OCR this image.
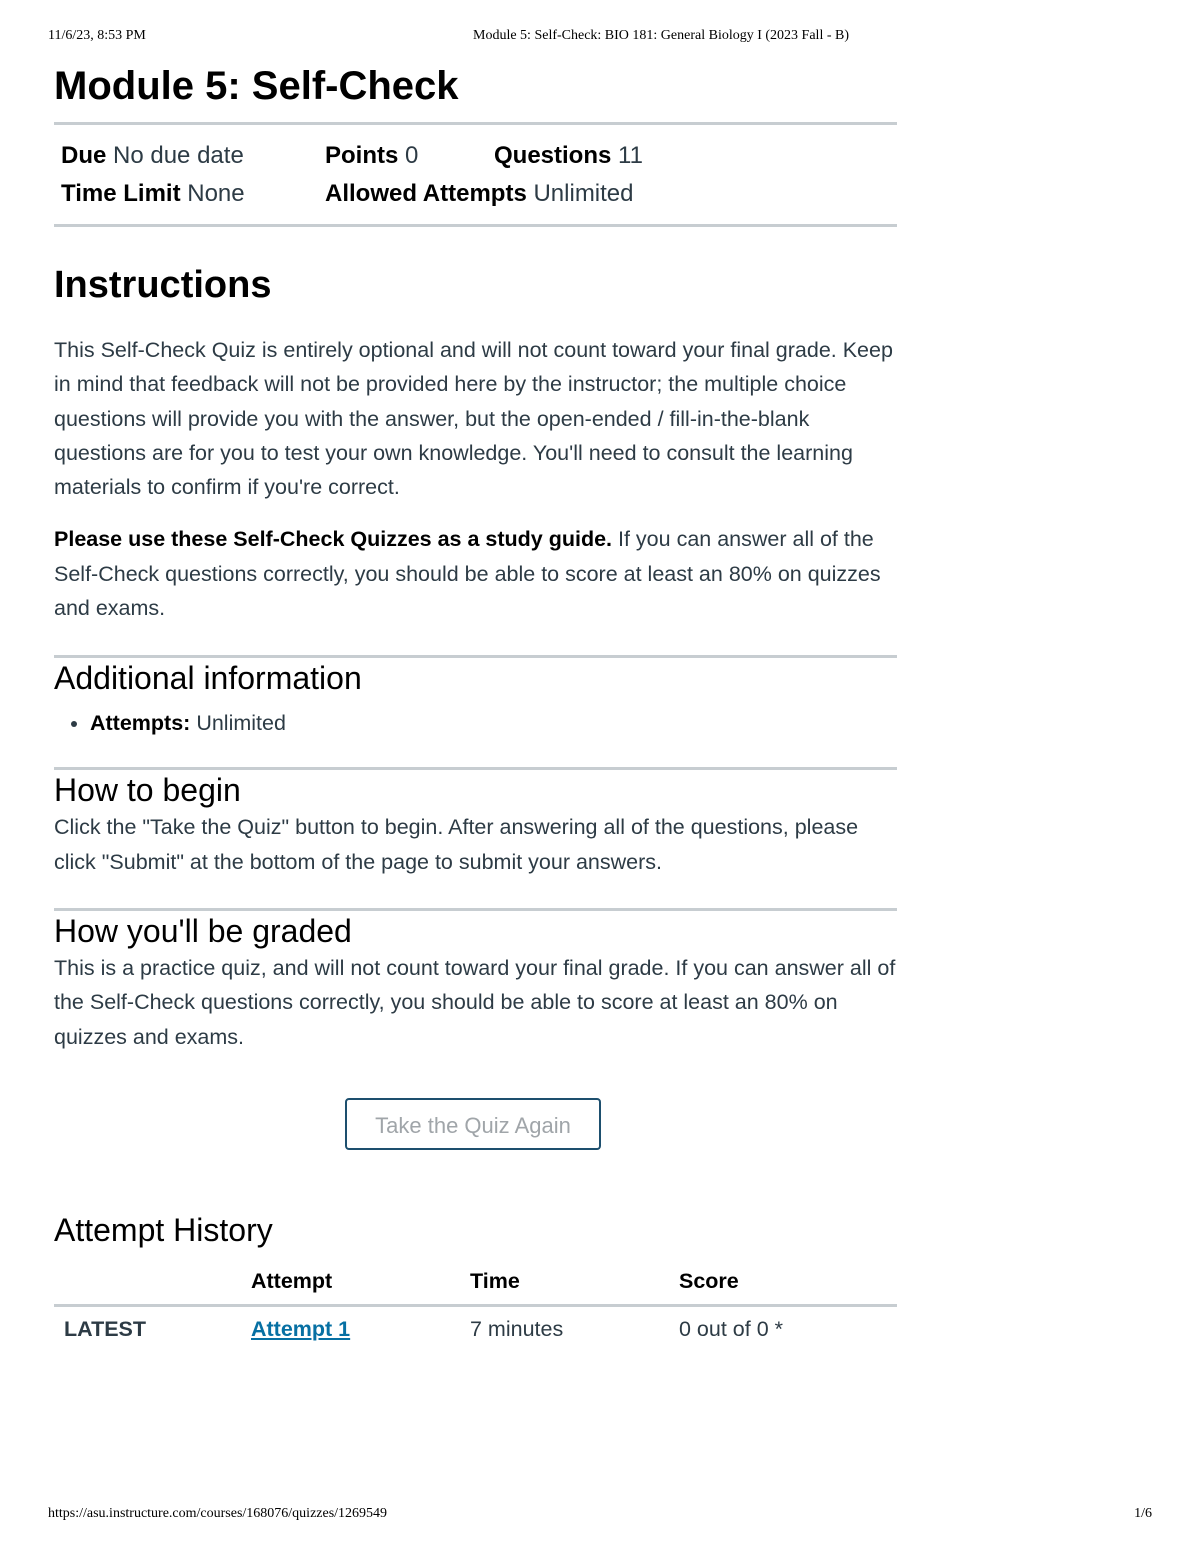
11/6/23, 8:53 PM	Module 5: Self-Check: BIO 181: General Biology I (2023 Fall - B)
Module 5: Self-Check
Due No due date	Points 0	Questions 11
Time Limit None	Allowed Attempts Unlimited
Instructions

This Self-Check Quiz is entirely optional and will not count toward your final grade. Keep in mind that feedback will not be provided here by the instructor; the multiple choice questions will provide you with the answer, but the open-ended / fill-in-the-blank questions are for you to test your own knowledge. You'll need to consult the learning materials to confirm if you're correct.

Please use these Self-Check Quizzes as a study guide. If you can answer all of the Self-Check questions correctly, you should be able to score at least an 80% on quizzes and exams.

Additional information
• Attempts: Unlimited
How to begin

Click the "Take the Quiz" button to begin. After answering all of the questions, please click "Submit" at the bottom of the page to submit your answers.

How you'll be graded

This is a practice quiz, and will not count toward your final grade. If you can answer all of the Self-Check questions correctly, you should be able to score at least an 80% on quizzes and exams.

Take the Quiz Again
Attempt History
	Attempt	Time	Score
LATEST	Attempt 1	7 minutes	0 out of 0 *
https://asu.instructure.com/courses/168076/quizzes/1269549	1/6
